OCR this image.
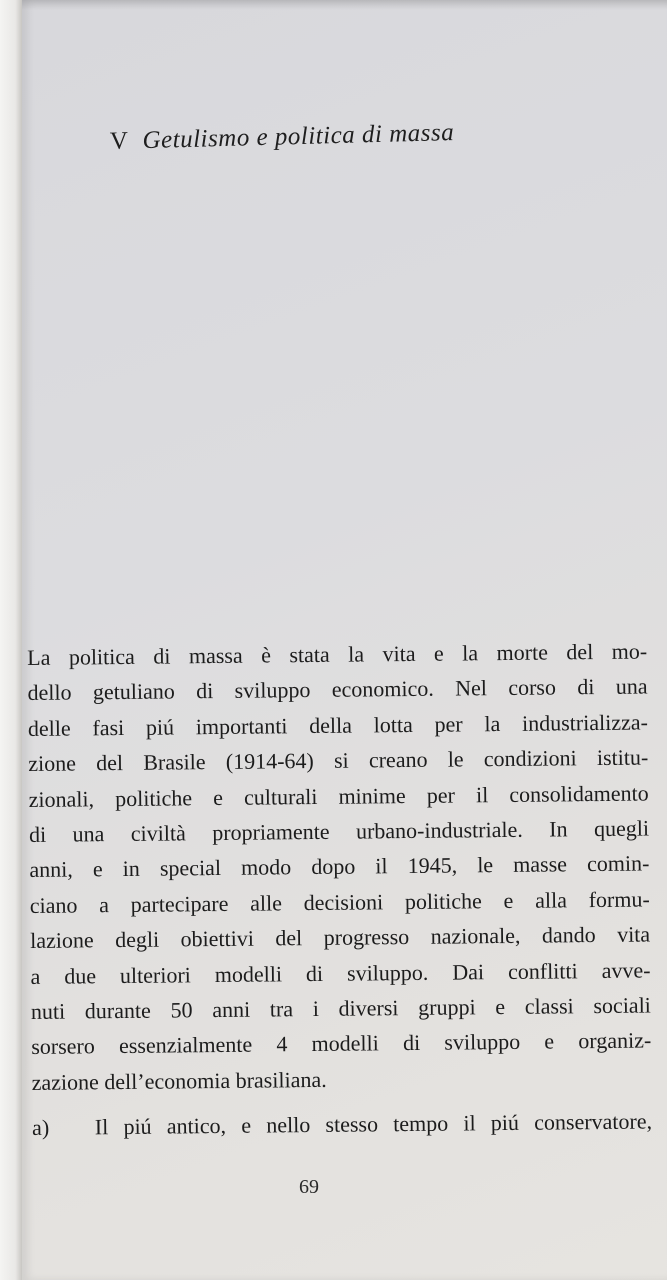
V Getulismo e politica di massa
La politica di massa è stata la vita e la morte del mo-
dello getuliano di sviluppo economico. Nel corso di una
delle fasi piú importanti della lotta per la industrializza-
zione del Brasile (1914-64) si creano le condizioni istitu-
zionali, politiche e culturali minime per il consolidamento
di una civiltà propriamente urbano-industriale. In quegli
anni, e in special modo dopo il 1945, le masse comin-
ciano a partecipare alle decisioni politiche e alla formu-
lazione degli obiettivi del progresso nazionale, dando vita
a due ulteriori modelli di sviluppo. Dai conflitti avve-
nuti durante 50 anni tra i diversi gruppi e classi sociali
sorsero essenzialmente 4 modelli di sviluppo e organiz-
zazione dell’economia brasiliana.
a) Il piú antico, e nello stesso tempo il piú conservatore,
69
